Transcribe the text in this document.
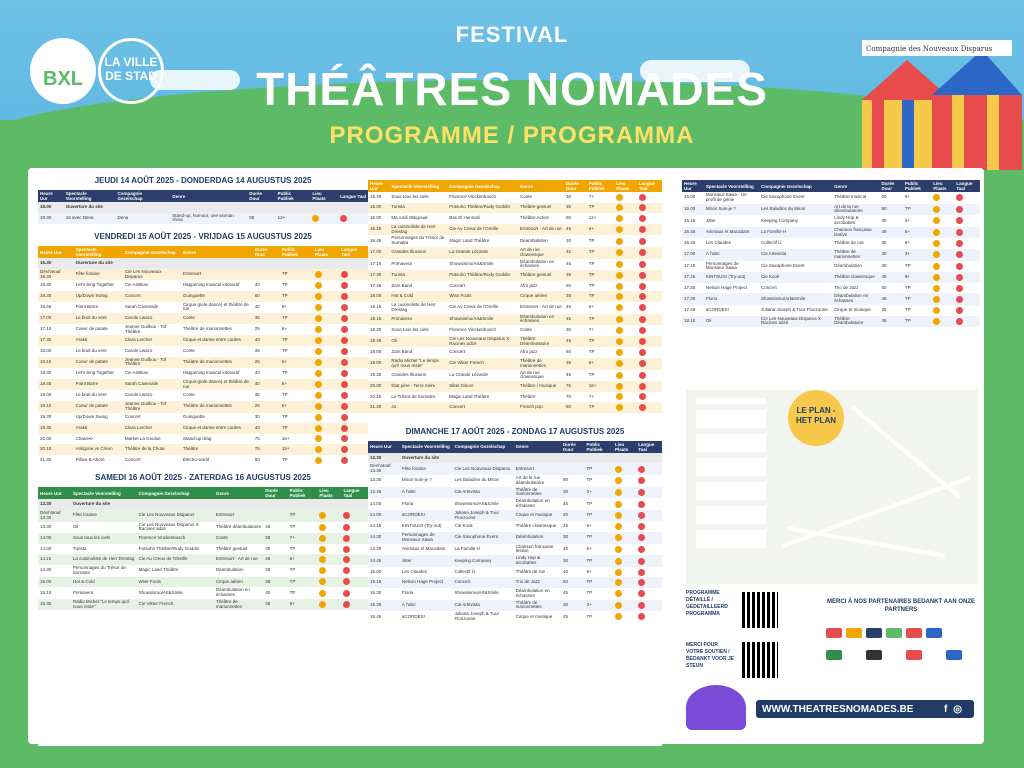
BXL
LA VILLE DE STAD
FESTIVAL
THÉÂTRES NOMADES
PROGRAMME / PROGRAMMA
Compagnie des Nouveaux Disparus
JEUDI 14 AOÛT 2025 - DONDERDAG 14 AUGUSTUS 2025
Heure Uur	Spectacle Voorstelling	Compagnie Gezelschap	Genre	Durée Duur	Public Publiek	Lieu Plaats	Langue Taal
18.00	Ouverture du site						
19.30	16 avec Dena	Dena	Stand-up, humour, one woman show	80	12+		
VENDREDI 15 AOÛT 2025 - VRIJDAG 15 AUGUSTUS 2025
Heure Uur	Spectacle Voorstelling	Compagnie Gezelschap	Genre	Durée Duur	Public Publiek	Lieu Plaats	Langue Taal
15.30	Ouverture du site						
Dès/Vanaf 16.30	Fête foraine	Cie Les Nouveaux Disparus	Entresort		TP		
16.30	Let's Sing Together	Cie AirBlow	Happening musical interactif	40	TP		
16.30	Up/Down Swing	Concert	Guinguette	60	TP		
16.45	Point Barre	Sarah Cavenaile	Cirque (pole dance) et théâtre de rue	40	8+		
17.00	Le bruit du vent	Carole Lwazo	Conte	35	TP		
17.15	Coeur de patate	Jeanne Guilbou - Tof Théâtre	Théâtre de marionnettes	25	6+		
17.30	Araké	Clara Larcher	Cirque et danse entre cordes	40	TP		
18.00	Le bruit du vent	Carole Lwazo	Conte	35	TP		
18.15	Coeur de patate	Jeanne Guilbou - Tof Théâtre	Théâtre de marionnettes	25	6+		
18.30	Let's Sing Together	Cie AirBlow	Happening musical interactif	40	TP		
18.45	Point Barre	Sarah Cavenaile	Cirque (pole dance) et théâtre de rue	40	8+		
19.00	Le bruit du vent	Carole Lwazo	Conte	35	TP		
19.15	Coeur de patate	Jeanne Guilbou - Tof Théâtre	Théâtre de marionnettes	25	6+		
19.30	Up/Down Swing	Concert	Guinguette	30	TP		
19.30	Araké	Clara Larcher	Cirque et danse entre cordes	40	TP		
20.00	Chaus•e	Market La Goulue	Stand-up drag	75	16+		
20.15	Antigone vs Créon	Théâtre de la Chute	Théâtre	75	15+		
21.30	Pillow & Aboré	Concert	Électro-world	60	TP		
SAMEDI 16 AOÛT 2025 - ZATERDAG 16 AUGUSTUS 2025
Heure Uur	Spectacle Voorstelling	Compagnie Gezelschap	Genre	Durée Duur	Public Publiek	Lieu Plaats	Langue Taal
13.30	Ouverture du site						
Dès/Vanaf 13.30	Fête foraine	Cie Les Nouveaux Disparus	Entresort		TP		
13.30	Oli	Cie Les Nouveaux Disparus X Racines adzé	Théâtre déambulatoire	45	TP		
14.00	Sous tous les ciels	Florence Vinckenbosch	Conte	30	7+		
14.00	Turista	Potsuho Théâtre/Rudy Goddin	Théâtre gestuel	35	TP		
14.15	La cuisinoliste de Herr Drestag	Cie Au Creux de l'Oreille	Entresort - Art de rue	45	6+		
14.30	Personnages du Trésor de Sumatra	Magic Land Théâtre	Déambulation	30	TP		
15.00	Hot & Cold	Wise Fools	Cirque aérien	35	TP		
15.15	Primavera	Showsismo/Art&Smile	Déambulation en échasses	40	TP		
15.30	Radio Michel "Le temps qu'il nous reste"	Cie Vikter French	Théâtre de marionnettes	35	8+		
Heure Uur	Spectacle Voorstelling	Compagnie Gezelschap	Genre	Durée Duur	Public Publiek	Lieu Plaats	Langue Taal
15.45	Sous tous les ciels	Florence Vinckenbosch	Conte	30	7+		
16.00	Turista	Potsuho Théâtre/Rudy Goddin	Théâtre gestuel	35	TP		
16.00	Ma Andi Waigoual	Bas El Hennani	Théâtre Action	90	12+		
16.15	La cuisinoliste de Herr Drestag	Cie Au Creux de l'Oreille	Entresort - Art de rue	45	6+		
16.45	Personnages du Trésor de Sumatra	Magic Land Théâtre	Déambulation	30	TP		
17.00	Grandes Illusions	La Grande Lézarde	Art de rue clownesque	45	TP		
17.15	Primavera	Showsismo/Art&Smile	Déambulation en échasses	45	TP		
17.30	Turista	Potsuho Théâtre/Rudy Goddin	Théâtre gestuel	35	TP		
17.45	Zam Band	Concert	Afro jazz	60	TP		
18.00	Hot & Cold	Wise Fools	Cirque aérien	35	TP		
18.15	La cuisinoliste de Herr Drestag	Cie Au Creux de l'Oreille	Entresort - Art de rue	45	6+		
18.15	Primavera	Showsismo/Art&Smile	Déambulation en échasses	45	TP		
18.30	Sous tous les ciels	Florence Vinckenbosch	Conte	30	7+		
18.45	Oli	Cie Les Nouveaux Disparus X Racines adzé	Théâtre Déambulatoire	45	TP		
19.00	Zam Band	Concert	Afro jazz	60	TP		
19.00	Radio Michel "Le temps qu'il nous reste"	Cie Vikter French	Théâtre de marionnettes	35	8+		
19.30	Grandes Illusions	La Grande Lézarde	Art de rue clownesque	45	TP		
20.00	État père - Terre mère	Sibel Dincer	Théâtre / musique	75	16+		
20.15	Le Trésor de Sumatra	Magic Land Théâtre	Théâtre	70	7+		
21.30	Jo	Concert	French pop	60	TP		
DIMANCHE 17 AOÛT 2025 - ZONDAG 17 AUGUSTUS 2025
Heure Uur	Spectacle Voorstelling	Compagnie Gezelschap	Genre	Durée Duur	Public Publiek	Lieu Plaats	Langue Taal
13.30	Ouverture du site						
Dès/Vanaf 13.30	Fête foraine	Cie Les Nouveaux Disparus	Entresort		TP		
13.30	Miroir Suis-je ?	Les Baladins du Miroir	Art de la rue déambulatoire	90	TP		
13.45	À l'abri	Cie Artevista	Théâtre de marionnettes	30	3+		
14.00	Floria	Showsismo/Art&Smile	Déambulation en échasses	45	TP		
14.00	aCORDES!	Juliana Joseph & Tuur Florizoone	Cirque et musique	25	TP		
14.15	KINTSUGI (Try-out)	Cie Kook	Théâtre clownesque	45	9+		
14.30	Personnages de Monsieur Sawa	Cie Saxophone Event	Déambulation	30	TP		
14.30	Animaux et Macadam	La Famille H	Chanson française festive	45	5+		
14.45	Jitter	Keeping Company	Lindy Hop & acrobaties	30	TP		
15.00	Les Claudes	Collectif Û	Théâtre de rue	40	8+		
15.15	Nelson Hage Project	Concert	Trio de Jazz	60	TP		
15.30	Floria	Showsismo/Art&Smile	Déambulation en échasses	45	TP		
15.30	À l'abri	Cie Artevista	Théâtre de marionnettes	30	3+		
15.45	aCORDES!	Juliana Joseph & Tuur Florizoone	Cirque et musique	25	TP		
Heure Uur	Spectacle Voorstelling	Compagnie Gezelschap	Genre	Durée Duur	Public Publiek	Lieu Plaats	Langue Taal
16.00	Monsieur Sawa - Un profil de génie	Cie Saxophone Event	Théâtre musical	50	6+		
16.00	Miroir Suis-je ?	Les Baladins du Miroir	Art de la rue déambulatoire	90	TP		
16.15	Jitter	Keeping Company	Lindy Hop & acrobaties	30	3+		
16.45	Animaux et Macadam	La Famille H	Chanson française festive	45	5+		
16.45	Les Claudes	Collectif Û	Théâtre de rue	40	8+		
17.00	À l'abri	Cie Artevista	Théâtre de marionnettes	30	3+		
17.15	Personnages de Monsieur Sawa	Cie Saxophone Event	Déambulation	30	TP		
17.15	KINTSUGI (Try-out)	Cie Kook	Théâtre clownesque	45	9+		
17.30	Nelson Hage Project	Concert	Trio de Jazz	60	TP		
17.30	Floria	Showsismo/Art&Smile	Déambulation en échasses	45	TP		
17.45	aCORDES!	Juliana Joseph & Tuur Florizoone	Cirque et musique	25	TP		
18.15	Oli	Cie Les Nouveaux Disparus X Racines adzé	Théâtre Déambulatoire	45	TP		
LE PLAN - HET PLAN
PROGRAMME DÉTAILLÉ / GEDETAILLEERD PROGRAMMA
MERCI POUR VOTRE SOUTIEN / BEDANKT VOOR JE STEUN
MERCI À NOS PARTENAIRES BEDANKT AAN ONZE PARTNERS
WWW.THEATRESNOMADES.BE	f◎
